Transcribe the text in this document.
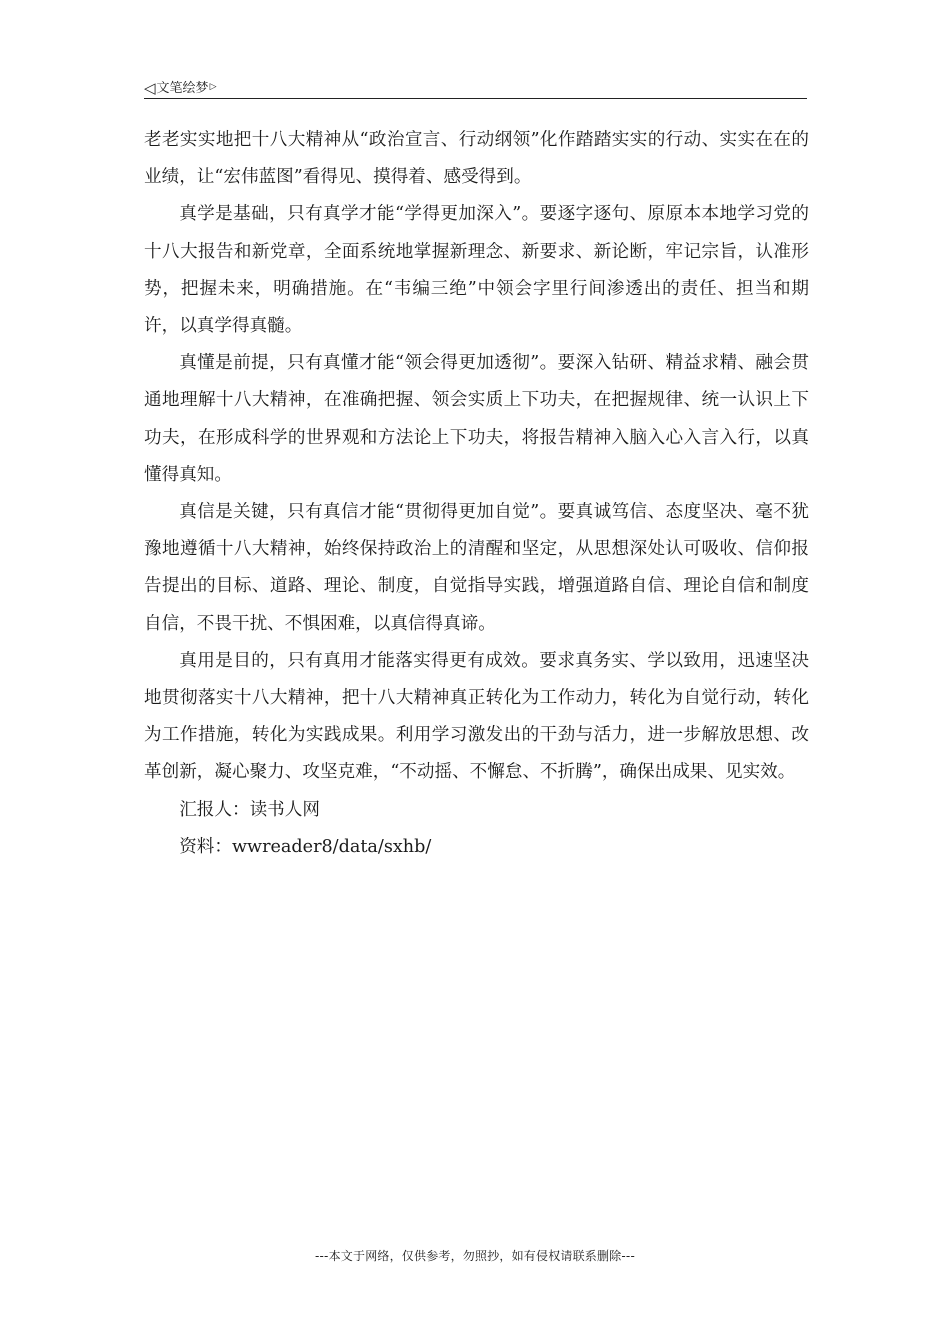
◁文笔绘梦▷

老老实实地把十八大精神从“政治宣言、行动纲领”化作踏踏实实的行动、实实在在的业绩，让“宏伟蓝图”看得见、摸得着、感受得到。

真学是基础，只有真学才能“学得更加深入”。要逐字逐句、原原本本地学习党的十八大报告和新党章，全面系统地掌握新理念、新要求、新论断，牢记宗旨，认准形势，把握未来，明确措施。在“韦编三绝”中领会字里行间渗透出的责任、担当和期许，以真学得真髓。

真懂是前提，只有真懂才能“领会得更加透彻”。要深入钻研、精益求精、融会贯通地理解十八大精神，在准确把握、领会实质上下功夫，在把握规律、统一认识上下功夫，在形成科学的世界观和方法论上下功夫，将报告精神入脑入心入言入行，以真懂得真知。

真信是关键，只有真信才能“贯彻得更加自觉”。要真诚笃信、态度坚决、毫不犹豫地遵循十八大精神，始终保持政治上的清醒和坚定，从思想深处认可吸收、信仰报告提出的目标、道路、理论、制度，自觉指导实践，增强道路自信、理论自信和制度自信，不畏干扰、不惧困难，以真信得真谛。

真用是目的，只有真用才能落实得更有成效。要求真务实、学以致用，迅速坚决地贯彻落实十八大精神，把十八大精神真正转化为工作动力，转化为自觉行动，转化为工作措施，转化为实践成果。利用学习激发出的干劲与活力，进一步解放思想、改革创新，凝心聚力、攻坚克难，“不动摇、不懈怠、不折腾”，确保出成果、见实效。

汇报人：读书人网

资料：wwreader8/data/sxhb/

---本文于网络，仅供参考，勿照抄，如有侵权请联系删除---
